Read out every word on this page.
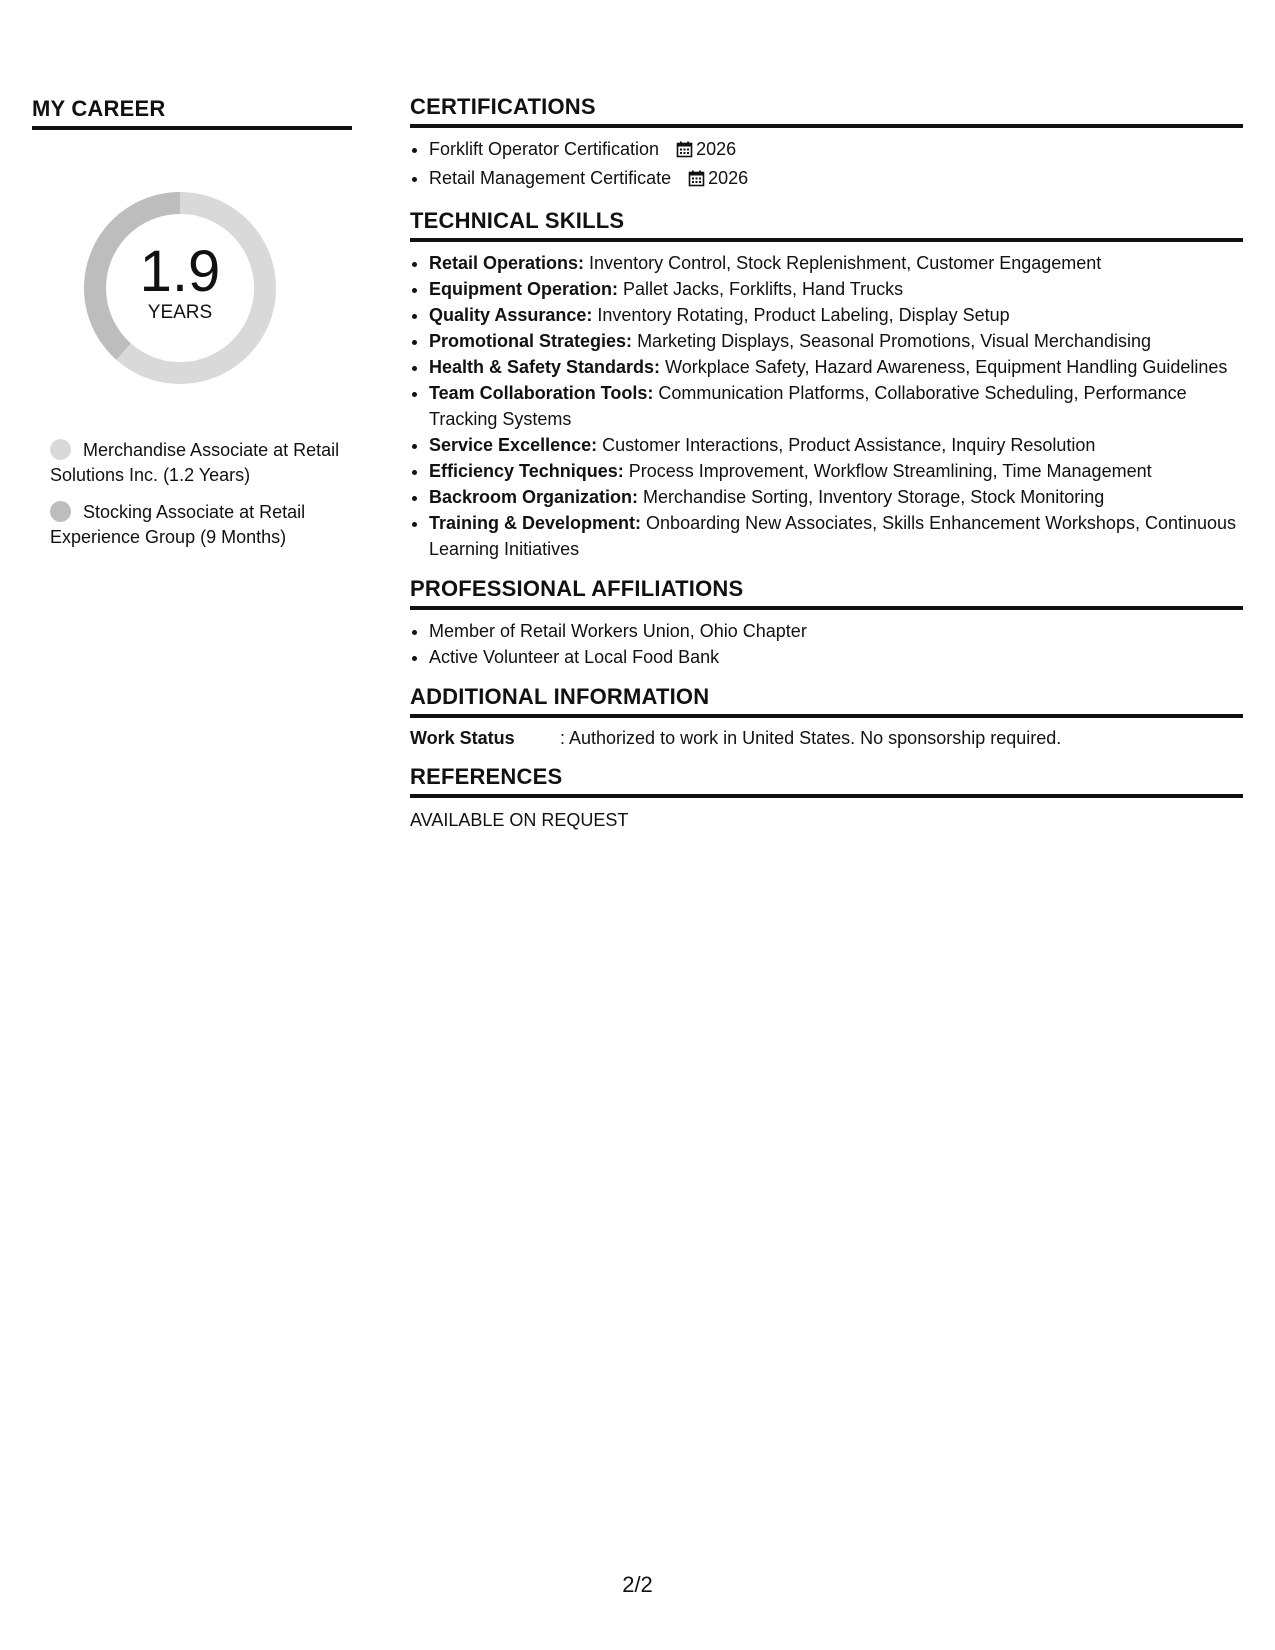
MY CAREER
1.9
YEARS
Merchandise Associate at Retail Solutions Inc. (1.2 Years)
Stocking Associate at Retail Experience Group (9 Months)
CERTIFICATIONS
• Forklift Operator Certification 2026
• Retail Management Certificate 2026
TECHNICAL SKILLS
• Retail Operations: Inventory Control, Stock Replenishment, Customer Engagement
• Equipment Operation: Pallet Jacks, Forklifts, Hand Trucks
• Quality Assurance: Inventory Rotating, Product Labeling, Display Setup
• Promotional Strategies: Marketing Displays, Seasonal Promotions, Visual Merchandising
• Health & Safety Standards: Workplace Safety, Hazard Awareness, Equipment Handling Guidelines
• Team Collaboration Tools: Communication Platforms, Collaborative Scheduling, Performance Tracking Systems
• Service Excellence: Customer Interactions, Product Assistance, Inquiry Resolution
• Efficiency Techniques: Process Improvement, Workflow Streamlining, Time Management
• Backroom Organization: Merchandise Sorting, Inventory Storage, Stock Monitoring
• Training & Development: Onboarding New Associates, Skills Enhancement Workshops, Continuous Learning Initiatives
PROFESSIONAL AFFILIATIONS
• Member of Retail Workers Union, Ohio Chapter
• Active Volunteer at Local Food Bank
ADDITIONAL INFORMATION
Work Status	: Authorized to work in United States. No sponsorship required.
REFERENCES
AVAILABLE ON REQUEST
2/2
